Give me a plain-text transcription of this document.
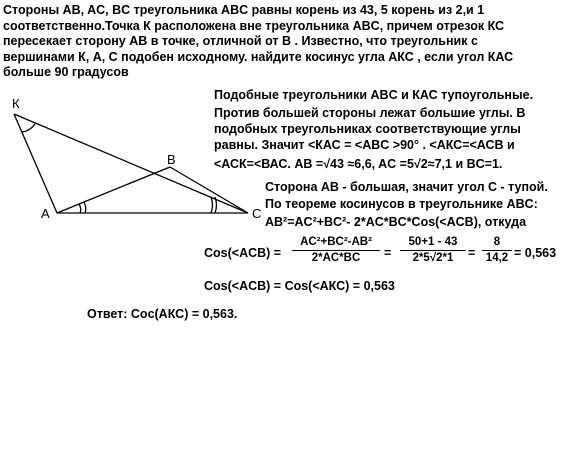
Стороны AB, AC, BC треугольника ABC равны корень из 43, 5 корень из 2,и 1
соответственно.Точка К расположена вне треугольника ABC, причем отрезок КС
пересекает сторону AB в точке, отличной от B . Известно, что треугольник с
вершинами К, A, C подобен исходному. найдите косинус угла AКС , если угол КАС
больше 90 градусов
К
A
B
C
Подобные треугольники ABC и КАС тупоугольные.
Против большей стороны лежат большие углы. В
подобных треугольниках соответствующие углы
равны. Значит <КАС = <ABC >90° . <АКС=<АСВ и
<АСК=<ВАС. AB =√43 ≈6,6, AC =5√2≈7,1 и BC=1.
Сторона AB - большая, значит угол C - тупой.
По теореме косинусов в треугольнике ABC:
AB²=AC²+BC²- 2*AC*BC*Cos(<ACB), откуда
Cos(<ACB) =
AC²+BC²-AB²
2*AC*BC	=
50+1 - 43
2*5√2*1	=
8
14,2 = 0,563
Cos(<ACB) = Cos(<АКС) = 0,563
Ответ: Coc(АКС) = 0,563.
